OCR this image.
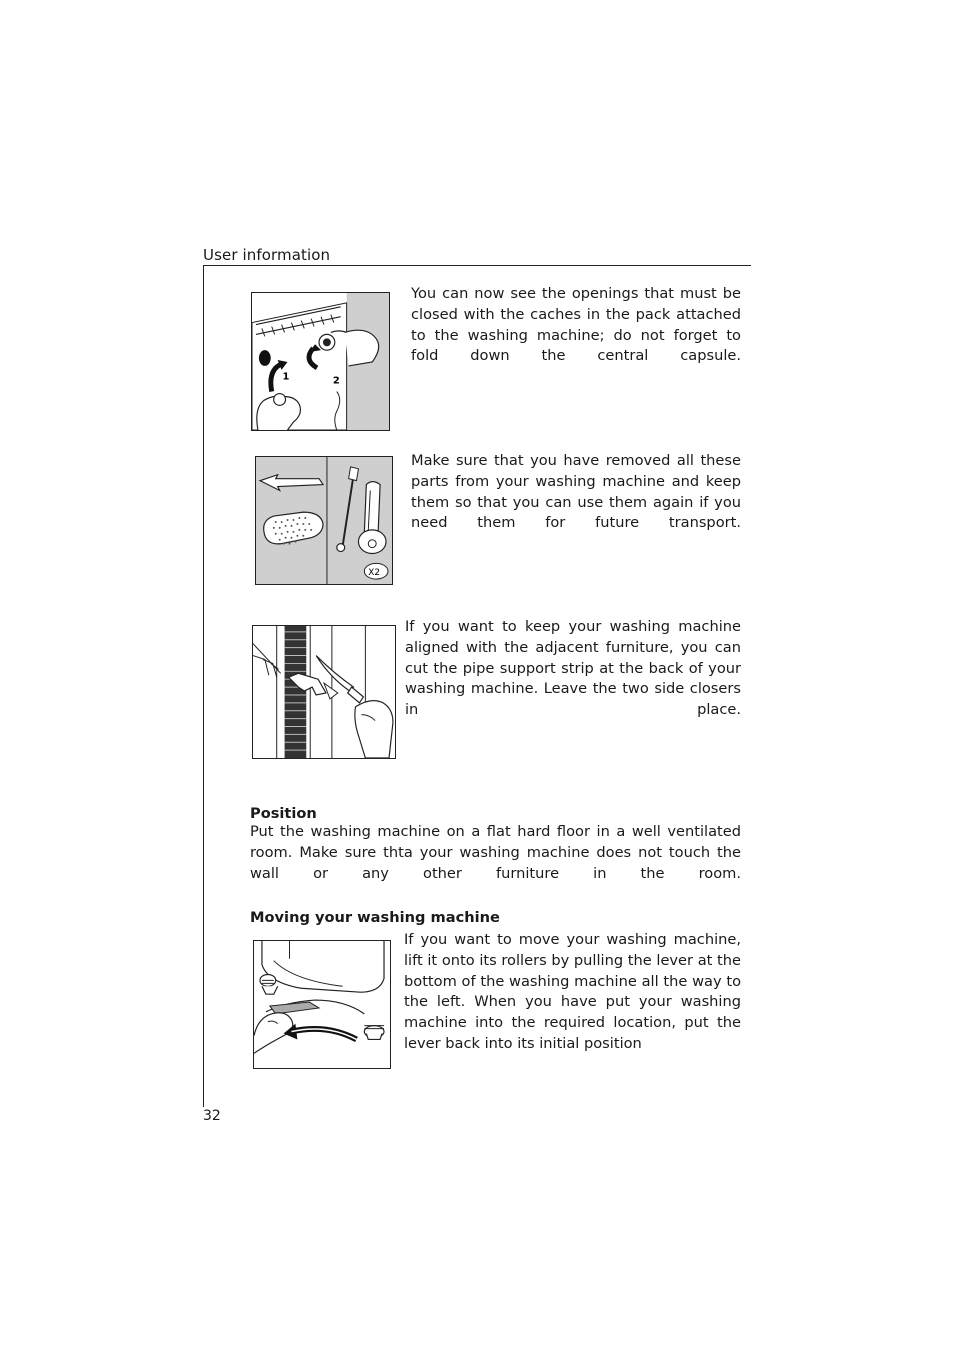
User information
2
1

You can now see the openings that must be closed with the caches in the pack attached to the washing machine; do not forget to fold down the central capsule.

X2

Make sure that you have removed all these parts from your washing machine and keep them so that you can use them again if you need them for future transport.

If you want to keep your washing machine aligned with the adjacent furniture, you can cut the pipe support strip at the back of your washing machine. Leave the two side closers in place.

Position

Put the washing machine on a flat hard floor in a well ventilated room. Make sure thta your washing machine does not touch the wall or any other furniture in the room.

Moving your washing machine

If you want to move your washing machine, lift it onto its rollers by pulling the lever at the bottom of the washing machine all the way to the left. When you have put your washing machine into the required location, put the lever back into its initial position

32
